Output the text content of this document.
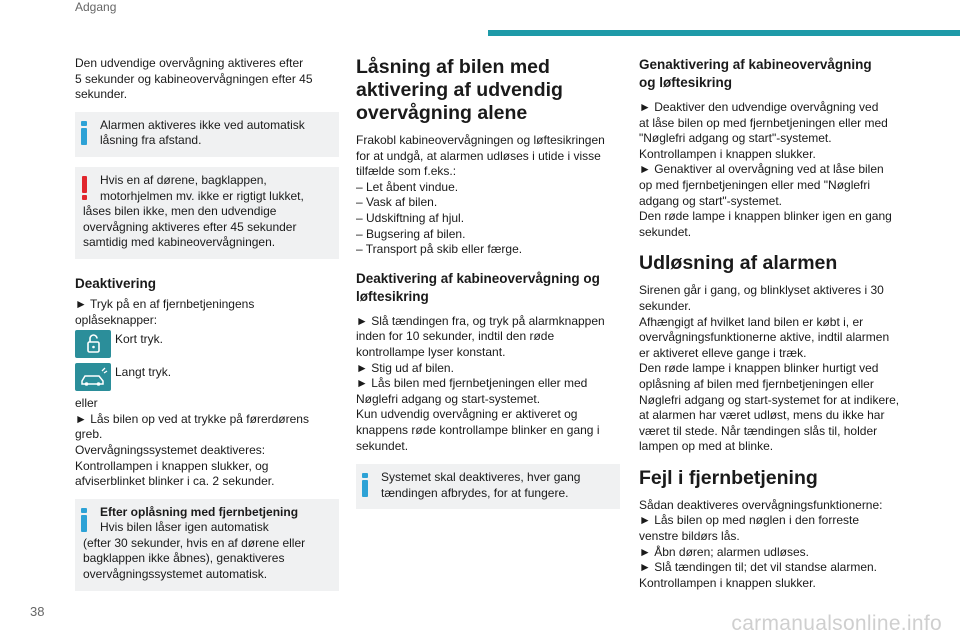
Adgang

Den udvendige overvågning aktiveres efter
5 sekunder og kabineovervågningen efter 45
sekunder.

Alarmen aktiveres ikke ved automatisk
låsning fra afstand.
Hvis en af dørene, bagklappen,
motorhjelmen mv. ikke er rigtigt lukket,
låses bilen ikke, men den udvendige
overvågning aktiveres efter 45 sekunder
samtidig med kabineovervågningen.
Deaktivering

► Tryk på en af fjernbetjeningens
oplåseknapper:

Kort tryk.
Langt tryk.

eller
► Lås bilen op ved at trykke på førerdørens
greb.
Overvågningssystemet deaktiveres:
Kontrollampen i knappen slukker, og
afviserblinket blinker i ca. 2 sekunder.

Efter oplåsning med fjernbetjening
Hvis bilen låser igen automatisk
(efter 30 sekunder, hvis en af dørene eller
bagklappen ikke åbnes), genaktiveres
overvågningssystemet automatisk.
Låsning af bilen med
aktivering af udvendig
overvågning alene

Frakobl kabineovervågningen og løftesikringen
for at undgå, at alarmen udløses i utide i visse
tilfælde som f.eks.:

– Let åbent vindue.

– Vask af bilen.

– Udskiftning af hjul.

– Bugsering af bilen.

– Transport på skib eller færge.

Deaktivering af kabineovervågning og
løftesikring

► Slå tændingen fra, og tryk på alarmknappen
inden for 10 sekunder, indtil den røde
kontrollampe lyser konstant.
► Stig ud af bilen.
► Lås bilen med fjernbetjeningen eller med
Nøglefri adgang og start-systemet.
Kun udvendig overvågning er aktiveret og
knappens røde kontrollampe blinker en gang i
sekundet.

Systemet skal deaktiveres, hver gang
tændingen afbrydes, for at fungere.
Genaktivering af kabineovervågning
og løftesikring

► Deaktiver den udvendige overvågning ved
at låse bilen op med fjernbetjeningen eller med
"Nøglefri adgang og start"-systemet.
Kontrollampen i knappen slukker.
► Genaktiver al overvågning ved at låse bilen
op med fjernbetjeningen eller med "Nøglefri
adgang og start"-systemet.
Den røde lampe i knappen blinker igen en gang
sekundet.

Udløsning af alarmen

Sirenen går i gang, og blinklyset aktiveres i 30
sekunder.
Afhængigt af hvilket land bilen er købt i, er
overvågningsfunktionerne aktive, indtil alarmen
er aktiveret elleve gange i træk.
Den røde lampe i knappen blinker hurtigt ved
oplåsning af bilen med fjernbetjeningen eller
Nøglefri adgang og start-systemet for at indikere,
at alarmen har været udløst, mens du ikke har
været til stede. Når tændingen slås til, holder
lampen op med at blinke.

Fejl i fjernbetjening

Sådan deaktiveres overvågningsfunktionerne:
► Lås bilen op med nøglen i den forreste
venstre bildørs lås.
► Åbn døren; alarmen udløses.
► Slå tændingen til; det vil standse alarmen.
Kontrollampen i knappen slukker.

38
carmanualsonline.info
